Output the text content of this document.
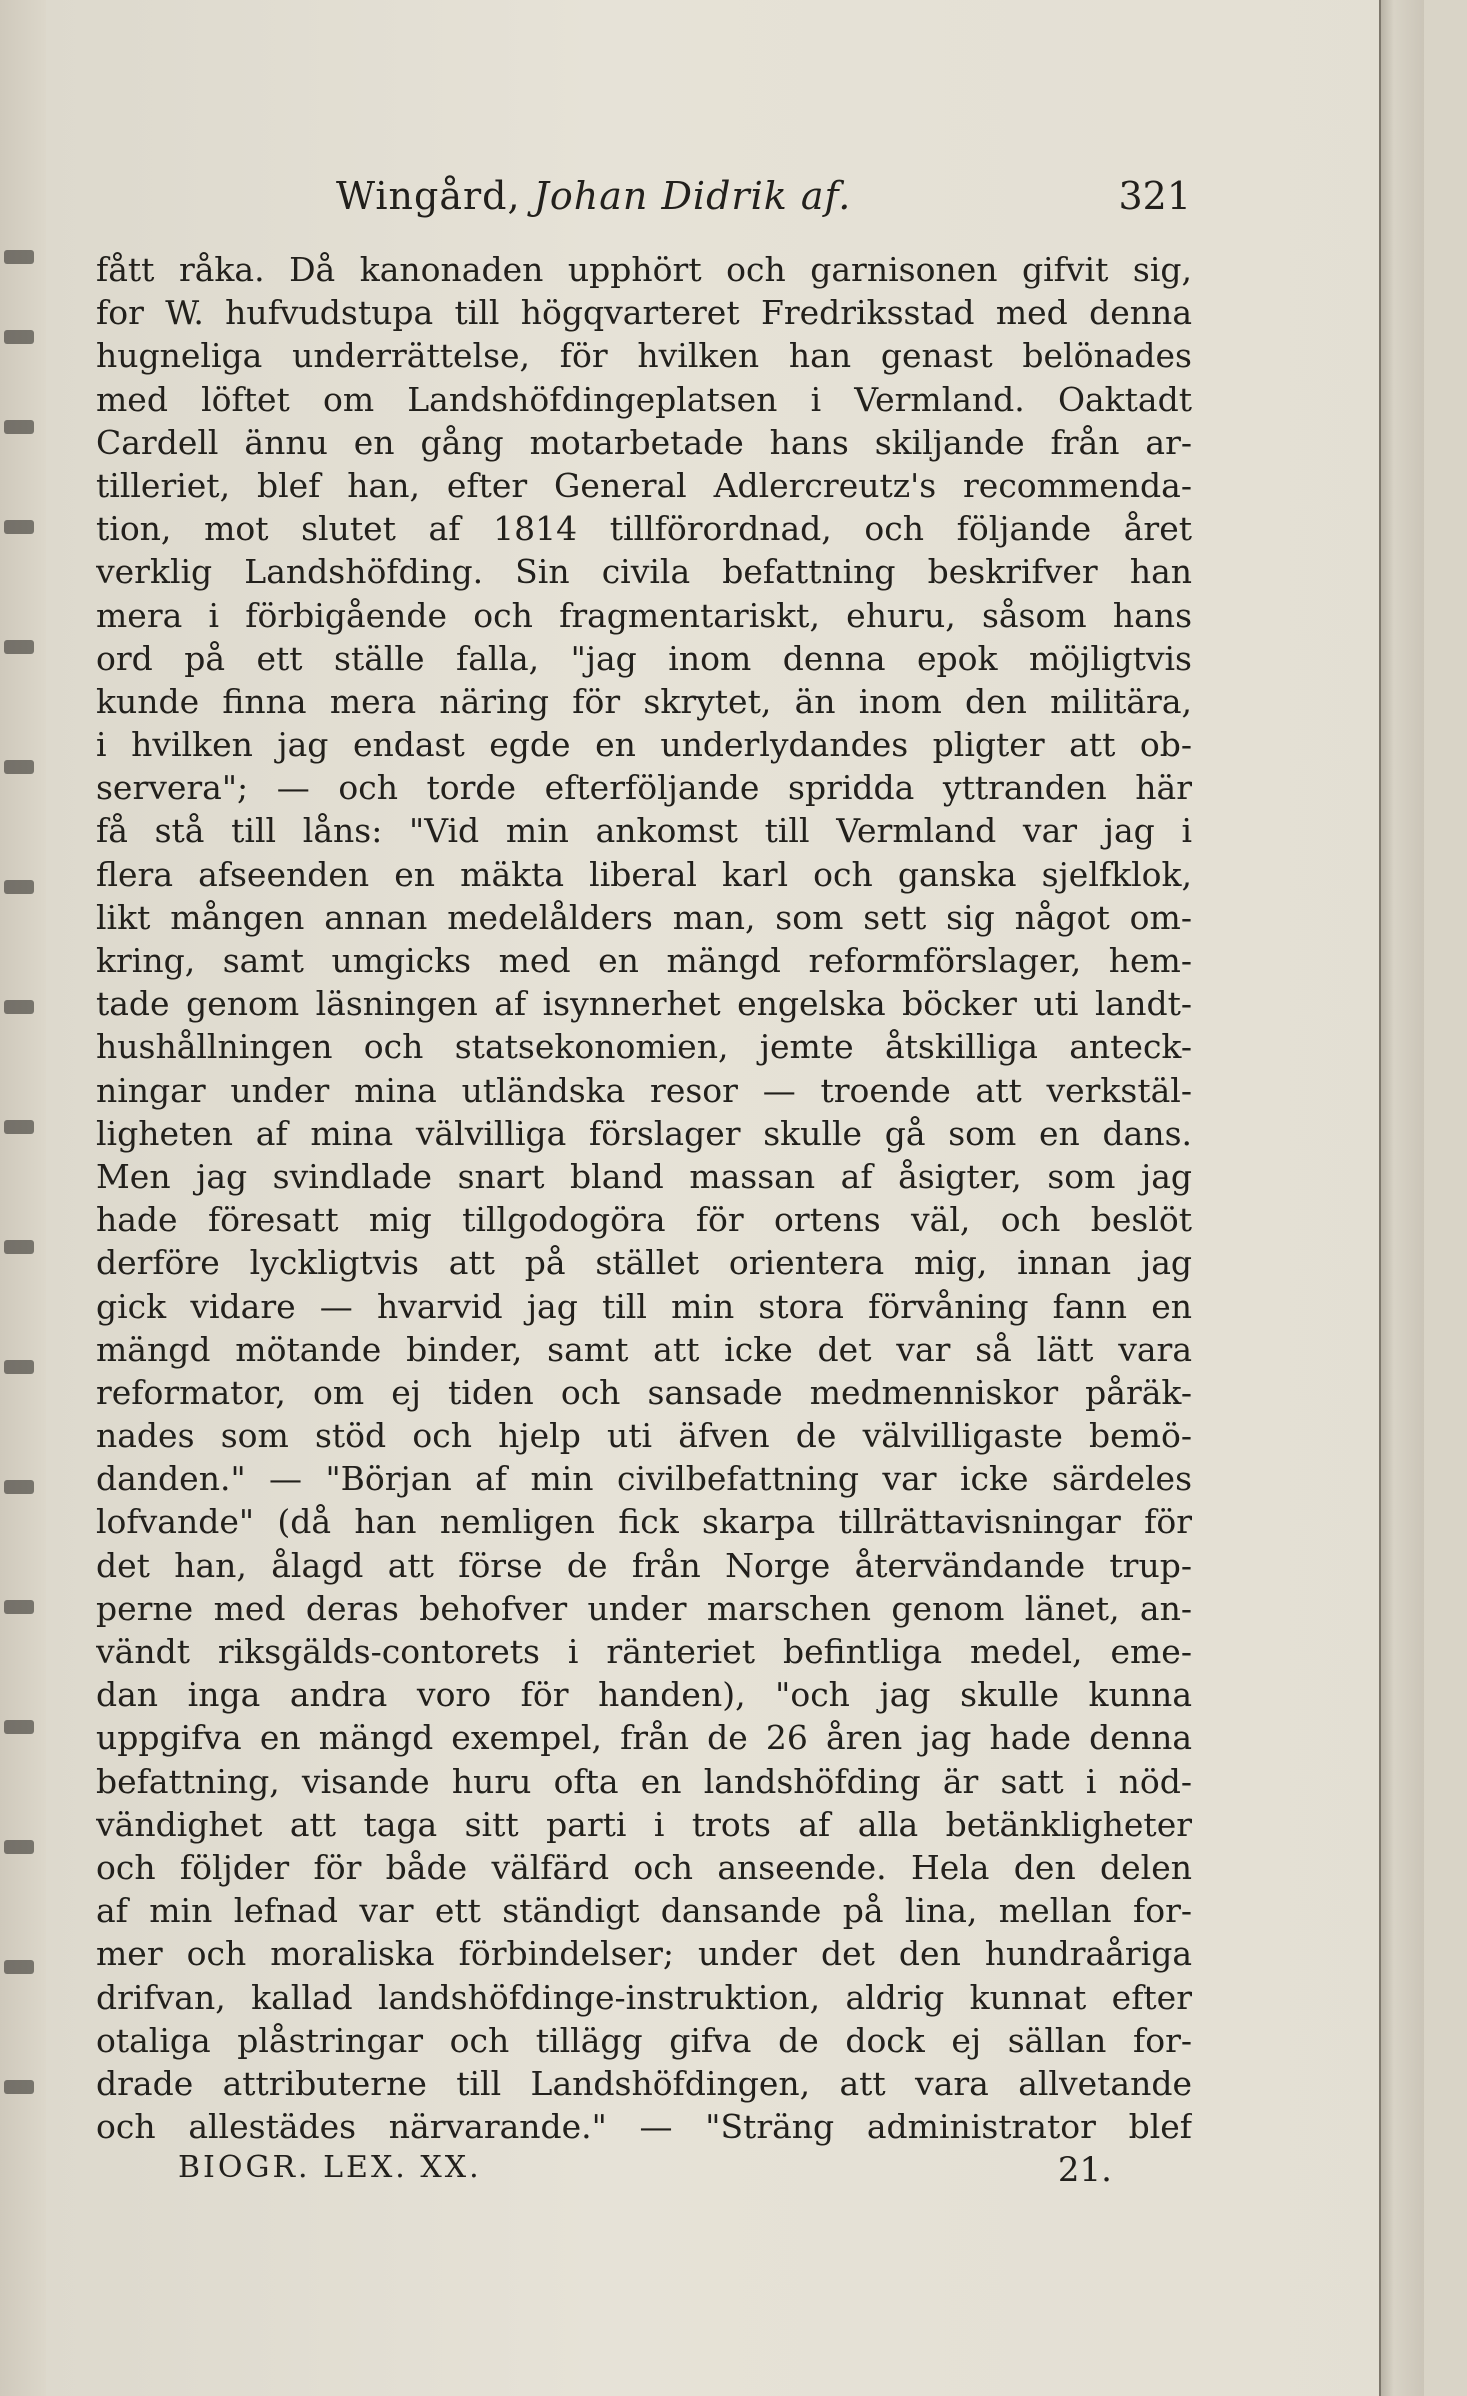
Wingård, Johan Didrik af.	321
fått råka. Då kanonaden upphört och garnisonen gifvit sig,
for W. hufvudstupa till högqvarteret Fredriksstad med denna
hugneliga underrättelse, för hvilken han genast belönades
med löftet om Landshöfdingeplatsen i Vermland. Oaktadt
Cardell ännu en gång motarbetade hans skiljande från ar-
tilleriet, blef han, efter General Adlercreutz's recommenda-
tion, mot slutet af 1814 tillförordnad, och följande året
verklig Landshöfding. Sin civila befattning beskrifver han
mera i förbigående och fragmentariskt, ehuru, såsom hans
ord på ett ställe falla, "jag inom denna epok möjligtvis
kunde finna mera näring för skrytet, än inom den militära,
i hvilken jag endast egde en underlydandes pligter att ob-
servera"; — och torde efterföljande spridda yttranden här
få stå till låns: "Vid min ankomst till Vermland var jag i
flera afseenden en mäkta liberal karl och ganska sjelfklok,
likt mången annan medelålders man, som sett sig något om-
kring, samt umgicks med en mängd reformförslager, hem-
tade genom läsningen af isynnerhet engelska böcker uti landt-
hushållningen och statsekonomien, jemte åtskilliga anteck-
ningar under mina utländska resor — troende att verkstäl-
ligheten af mina välvilliga förslager skulle gå som en dans.
Men jag svindlade snart bland massan af åsigter, som jag
hade föresatt mig tillgodogöra för ortens väl, och beslöt
derföre lyckligtvis att på stället orientera mig, innan jag
gick vidare — hvarvid jag till min stora förvåning fann en
mängd mötande binder, samt att icke det var så lätt vara
reformator, om ej tiden och sansade medmenniskor påräk-
nades som stöd och hjelp uti äfven de välvilligaste bemö-
danden." — "Början af min civilbefattning var icke särdeles
lofvande" (då han nemligen fick skarpa tillrättavisningar för
det han, ålagd att förse de från Norge återvändande trup-
perne med deras behofver under marschen genom länet, an-
vändt riksgälds-contorets i ränteriet befintliga medel, eme-
dan inga andra voro för handen), "och jag skulle kunna
uppgifva en mängd exempel, från de 26 åren jag hade denna
befattning, visande huru ofta en landshöfding är satt i nöd-
vändighet att taga sitt parti i trots af alla betänkligheter
och följder för både välfärd och anseende. Hela den delen
af min lefnad var ett ständigt dansande på lina, mellan for-
mer och moraliska förbindelser; under det den hundraåriga
drifvan, kallad landshöfdinge-instruktion, aldrig kunnat efter
otaliga plåstringar och tillägg gifva de dock ej sällan for-
drade attributerne till Landshöfdingen, att vara allvetande
och allestädes närvarande." — "Sträng administrator blef
BIOGR. LEX. XX.	21.
